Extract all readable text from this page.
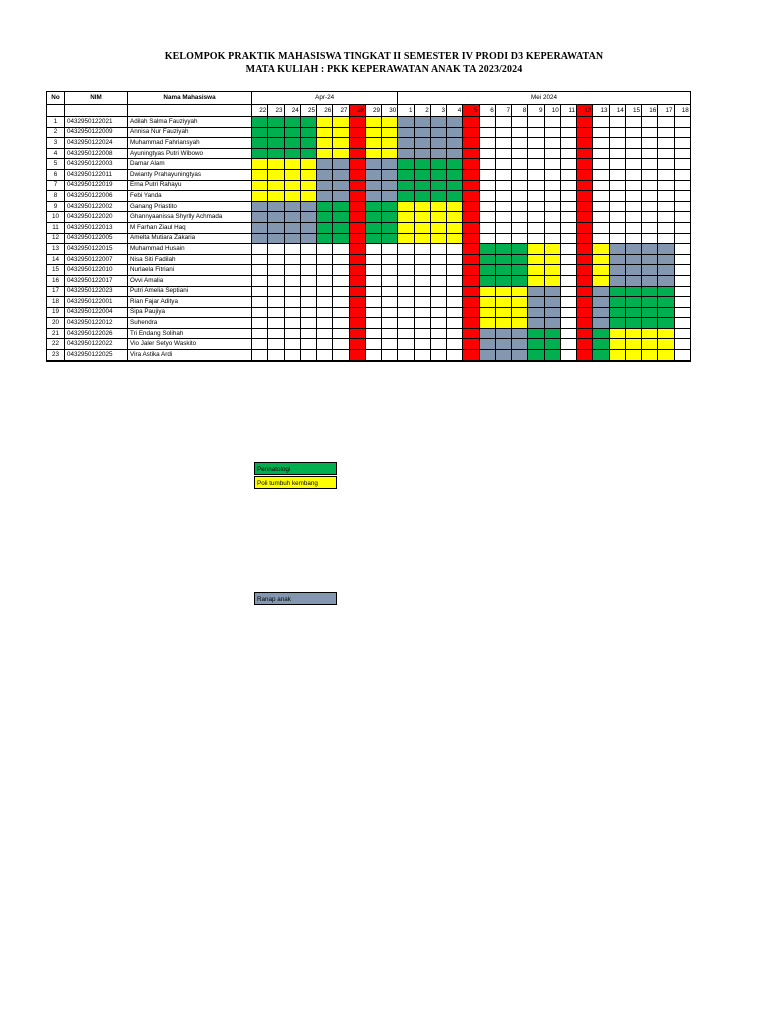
KELOMPOK PRAKTIK MAHASISWA TINGKAT II SEMESTER IV PRODI D3 KEPERAWATAN
MATA KULIAH : PKK KEPERAWATAN ANAK TA 2023/2024
No	NIM	Nama Mahasiswa	Apr-24									Mei 2024																	
			22	23	24	25	26	27	28	29	30	1	2	3	4	5	6	7	8	9	10	11	12	13	14	15	16	17	18
1	0432950122021	Adilah Salma Fauziyyah																											
2	0432950122009	Annisa Nur Fauziyah																											
3	0432950122024	Muhammad Fahriansyah																											
4	0432950122008	Ayuningtyas Putri Wibowo																											
5	0432950122003	Damar Alam																											
6	0432950122011	Dwianty Prahayuningtyas																											
7	0432950122019	Erna Putri Rahayu																											
8	0432950122006	Febi Yanda																											
9	0432950122002	Ganang Priastito																											
10	0432950122020	Ghannyaanissa Shyrlly Achmada																											
11	0432950122013	M Farhan Ziaul Haq																											
12	0432950122005	Amelta Mutiara Zakaria																											
13	0432950122015	Muhammad Husain																											
14	0432950122007	Nisa Siti Fadilah																											
15	0432950122010	Nurlaela Fitriani																											
16	0432950122017	Ovvi Amalia																											
17	0432950122023	Putri Amelia Septiani																											
18	0432950122001	Rian Fajar Aditya																											
19	0432950122004	Sipa Paujiya																											
20	0432950122012	Suhendra																											
21	0432950122026	Tri Endang Solihah																											
22	0432950122022	Vio Jaler Setyo Waskito																											
23	0432950122025	Vira Astika Ardi																											
Perinatologi
Poli tumbuh kembang
Ranap anak
